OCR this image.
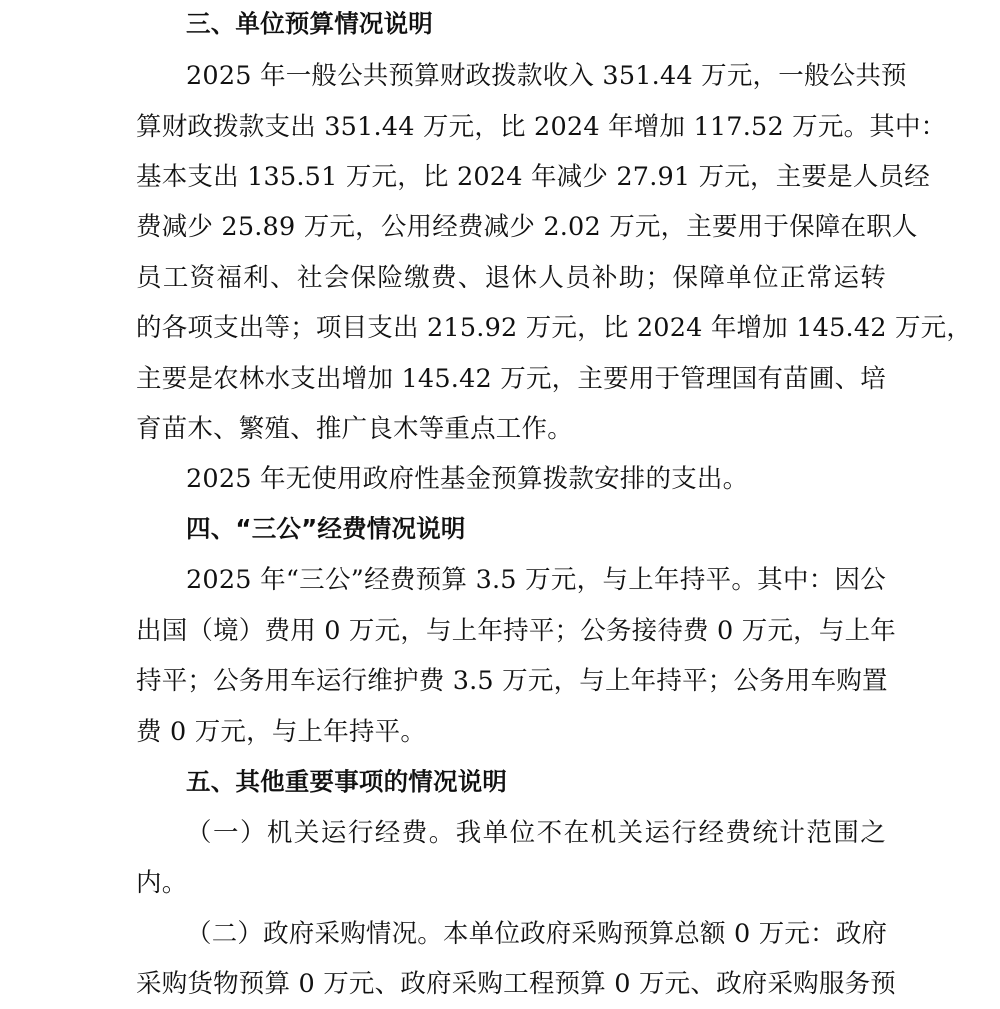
三、单位预算情况说明
2025 年一般公共预算财政拨款收入 351.44 万元，一般公共预
算财政拨款支出 351.44 万元，比 2024 年增加 117.52 万元。其中：
基本支出 135.51 万元，比 2024 年减少 27.91 万元，主要是人员经
费减少 25.89 万元，公用经费减少 2.02 万元，主要用于保障在职人
员工资福利、社会保险缴费、退休人员补助；保障单位正常运转
的各项支出等；项目支出 215.92 万元，比 2024 年增加 145.42 万元，
主要是农林水支出增加 145.42 万元，主要用于管理国有苗圃、培
育苗木、繁殖、推广良木等重点工作。
2025 年无使用政府性基金预算拨款安排的支出。
四、“三公”经费情况说明
2025 年“三公”经费预算 3.5 万元，与上年持平。其中：因公
出国（境）费用 0 万元，与上年持平；公务接待费 0 万元，与上年
持平；公务用车运行维护费 3.5 万元，与上年持平；公务用车购置
费 0 万元，与上年持平。
五、其他重要事项的情况说明
（一）机关运行经费。我单位不在机关运行经费统计范围之
内。
（二）政府采购情况。本单位政府采购预算总额 0 万元：政府
采购货物预算 0 万元、政府采购工程预算 0 万元、政府采购服务预
